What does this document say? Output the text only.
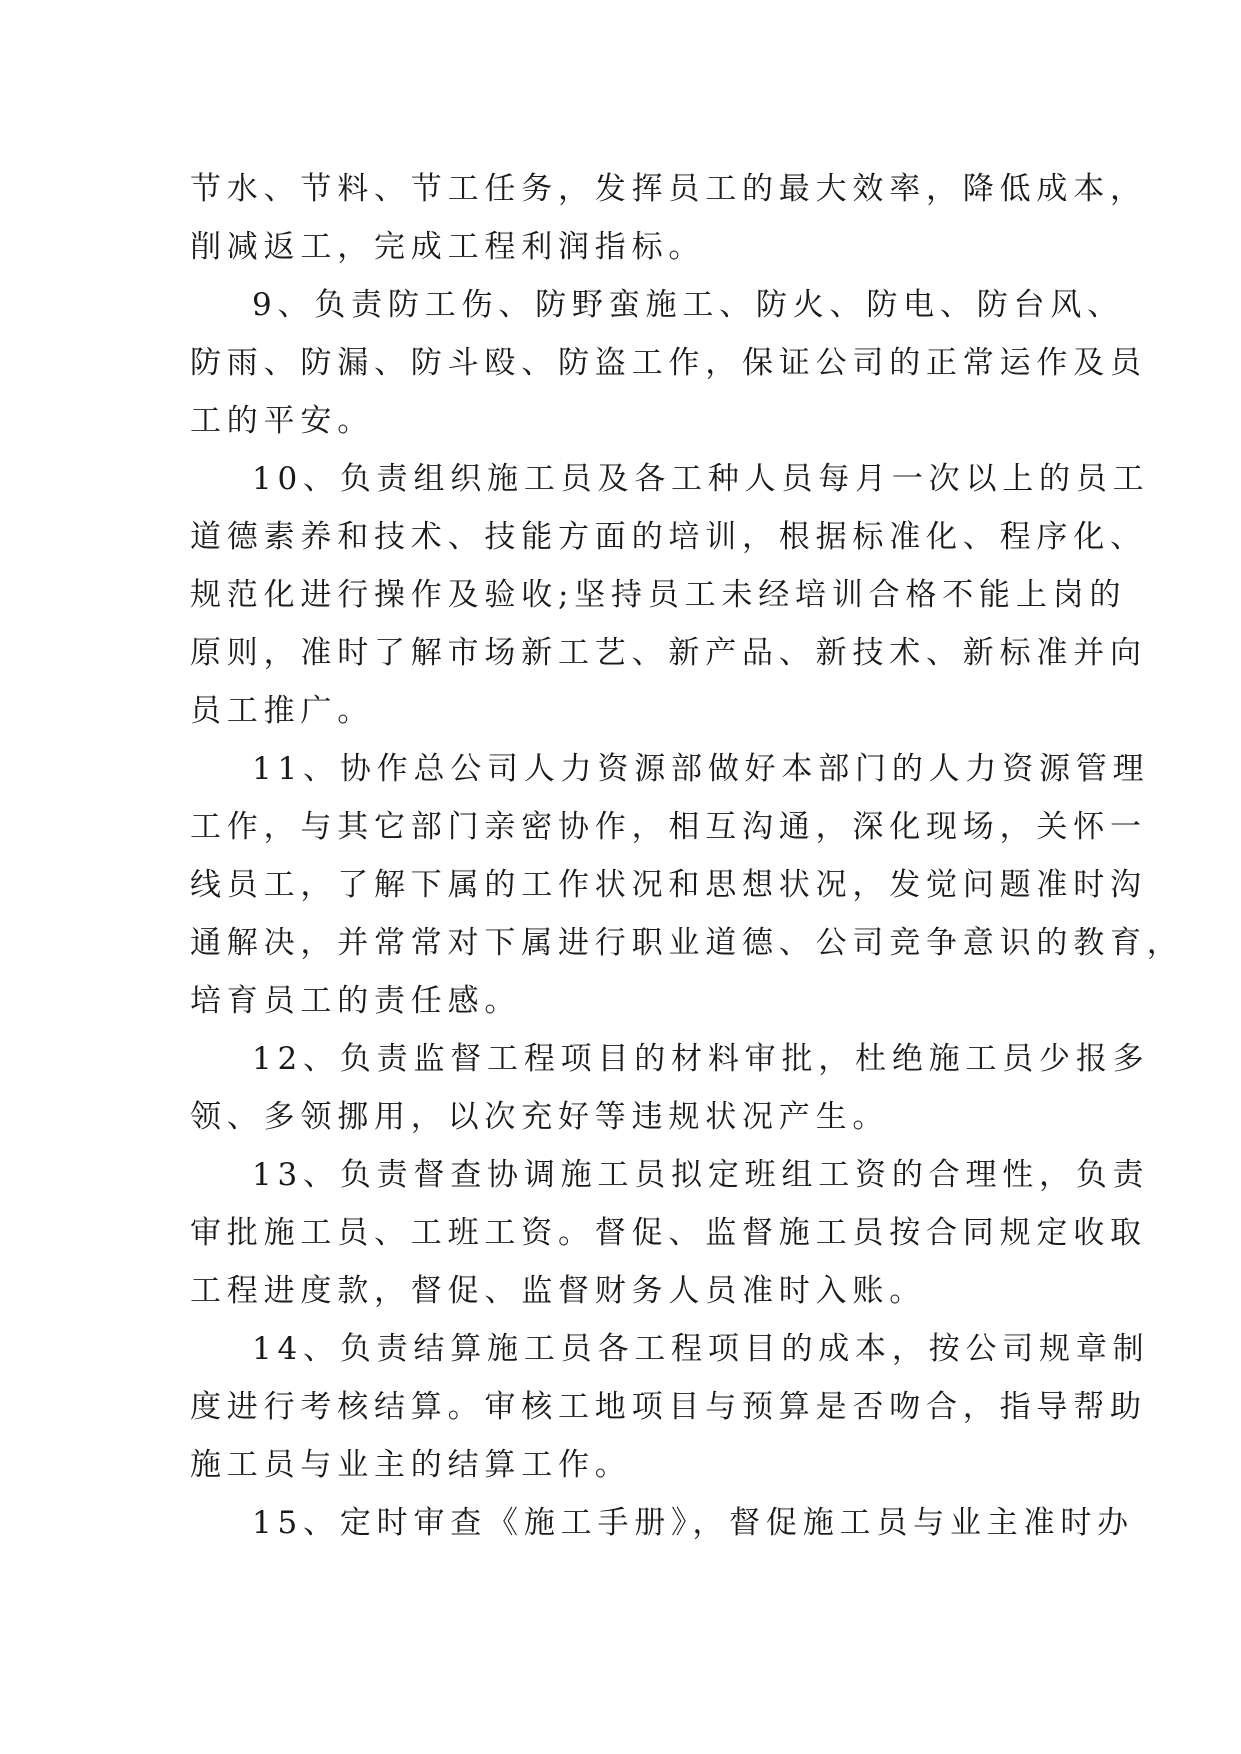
节水、节料、节工任务，发挥员工的最大效率，降低成本，
削减返工，完成工程利润指标。
9、负责防工伤、防野蛮施工、防火、防电、防台风、
防雨、防漏、防斗殴、防盗工作，保证公司的正常运作及员
工的平安。
10、负责组织施工员及各工种人员每月一次以上的员工
道德素养和技术、技能方面的培训，根据标准化、程序化、
规范化进行操作及验收;坚持员工未经培训合格不能上岗的
原则，准时了解市场新工艺、新产品、新技术、新标准并向
员工推广。
11、协作总公司人力资源部做好本部门的人力资源管理
工作，与其它部门亲密协作，相互沟通，深化现场，关怀一
线员工，了解下属的工作状况和思想状况，发觉问题准时沟
通解决，并常常对下属进行职业道德、公司竞争意识的教育，
培育员工的责任感。
12、负责监督工程项目的材料审批，杜绝施工员少报多
领、多领挪用，以次充好等违规状况产生。
13、负责督查协调施工员拟定班组工资的合理性，负责
审批施工员、工班工资。督促、监督施工员按合同规定收取
工程进度款，督促、监督财务人员准时入账。
14、负责结算施工员各工程项目的成本，按公司规章制
度进行考核结算。审核工地项目与预算是否吻合，指导帮助
施工员与业主的结算工作。
15、定时审查《施工手册》，督促施工员与业主准时办
